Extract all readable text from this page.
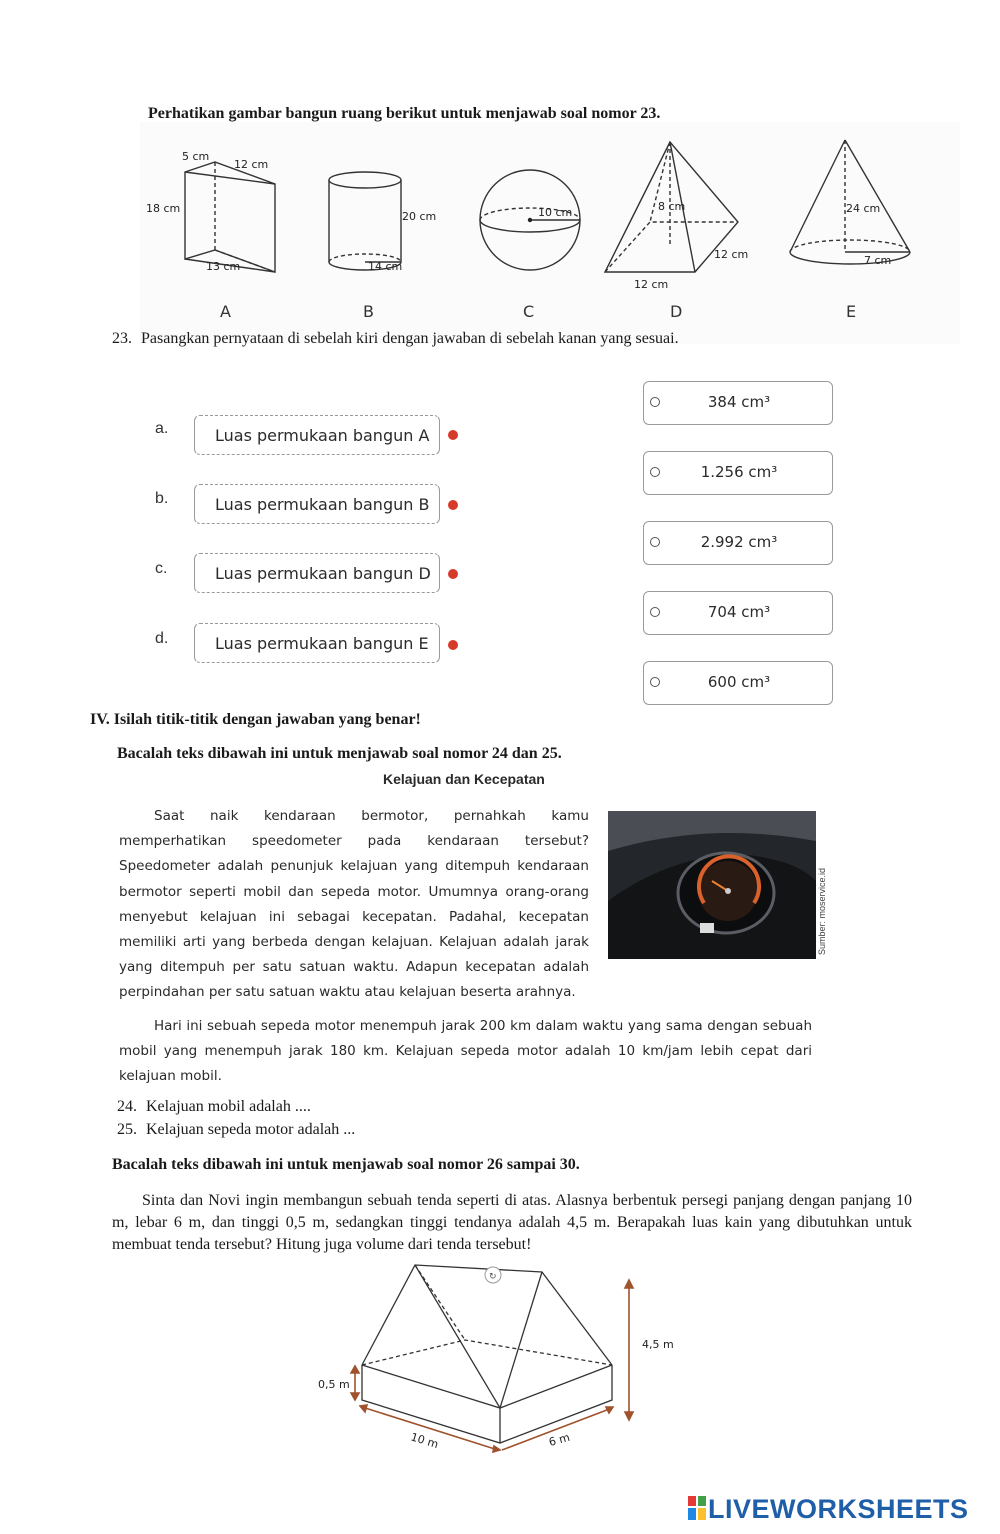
Perhatikan gambar bangun ruang berikut untuk menjawab soal nomor 23.
5 cm
12 cm
18 cm
13 cm
20 cm
14 cm
10 cm	8 cm
12 cm
12 cm
24 cm
7 cm
A	B	C	D	E
23. Pasangkan pernyataan di sebelah kiri dengan jawaban di sebelah kanan yang sesuai.
a.	Luas permukaan bangun A
b.	Luas permukaan bangun B
c.	Luas permukaan bangun D
d.	Luas permukaan bangun E
384 cm³
1.256 cm³
2.992 cm³
704 cm³
600 cm³
IV. Isilah titik-titik dengan jawaban yang benar!
Bacalah teks dibawah ini untuk menjawab soal nomor 24 dan 25.
Kelajuan dan Kecepatan
Saat naik kendaraan bermotor, pernahkah kamu memperhatikan speedometer pada kendaraan tersebut? Speedometer adalah penunjuk kelajuan yang ditempuh kendaraan bermotor seperti mobil dan sepeda motor. Umumnya orang-orang menyebut kelajuan ini sebagai kecepatan. Padahal, kecepatan memiliki arti yang berbeda dengan kelajuan. Kelajuan adalah jarak yang ditempuh per satu satuan waktu. Adapun kecepatan adalah perpindahan per satu satuan waktu atau kelajuan beserta arahnya.
Sumber: moservice.id
Hari ini sebuah sepeda motor menempuh jarak 200 km dalam waktu yang sama dengan sebuah mobil yang menempuh jarak 180 km. Kelajuan sepeda motor adalah 10 km/jam lebih cepat dari kelajuan mobil.
24. Kelajuan mobil adalah ....
25. Kelajuan sepeda motor adalah ...
Bacalah teks dibawah ini untuk menjawab soal nomor 26 sampai 30.
Sinta dan Novi ingin membangun sebuah tenda seperti di atas. Alasnya berbentuk persegi panjang dengan panjang 10 m, lebar 6 m, dan tinggi 0,5 m, sedangkan tinggi tendanya adalah 4,5 m. Berapakah luas kain yang dibutuhkan untuk membuat tenda tersebut? Hitung juga volume dari tenda tersebut!
↻
4,5 m
0,5 m
10 m	6 m
LIVEWORKSHEETS
